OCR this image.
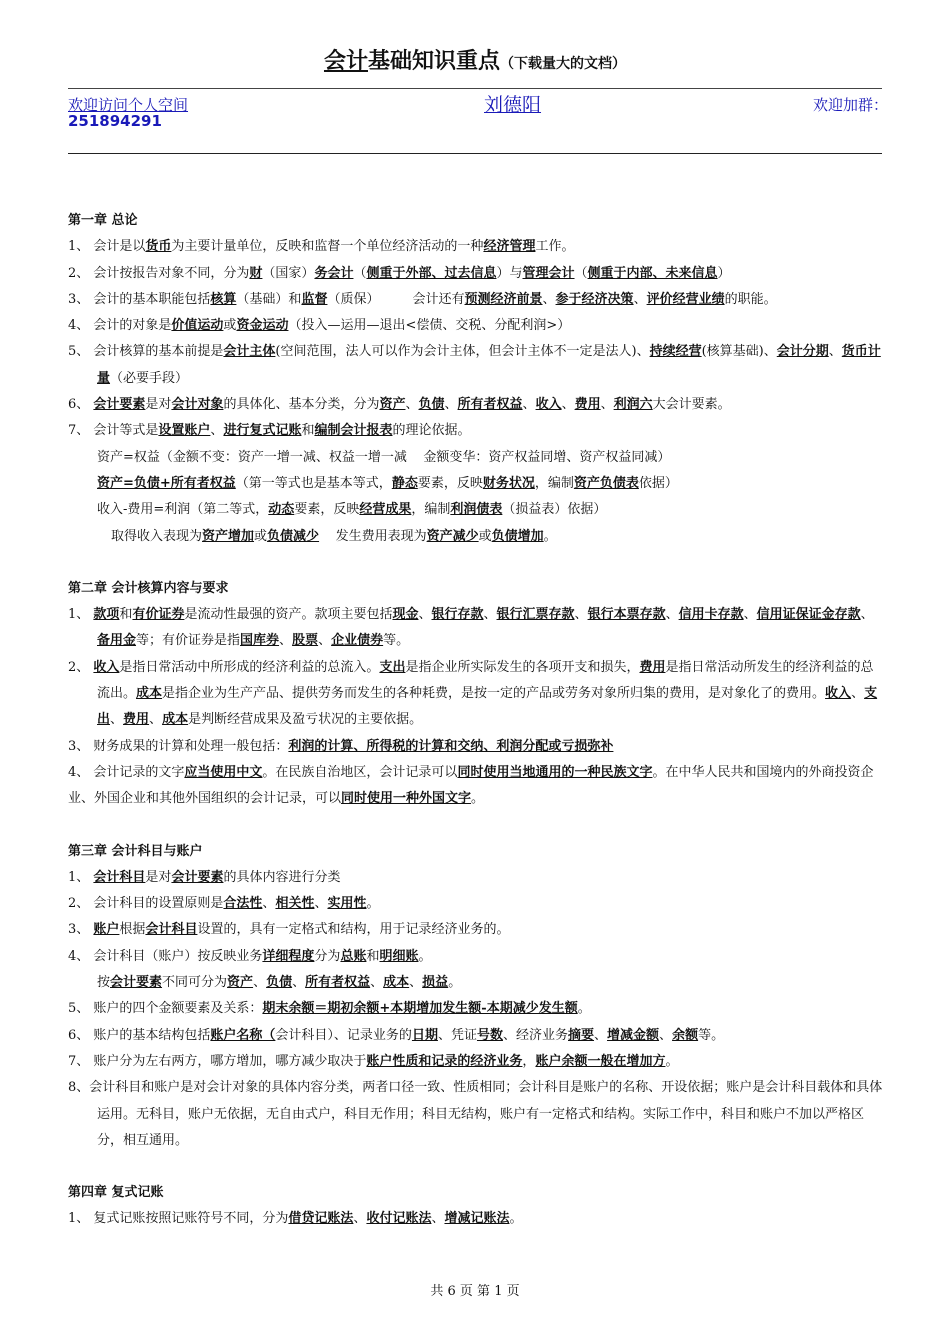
会计基础知识重点（下载量大的文档）
欢迎访问个人空间	刘德阳	欢迎加群：
251894291
第一章 总论
1、 会计是以货币为主要计量单位，反映和监督一个单位经济活动的一种经济管理工作。
2、 会计按报告对象不同，分为财（国家）务会计（侧重于外部、过去信息）与管理会计（侧重于内部、未来信息）
3、 会计的基本职能包括核算（基础）和监督（质保）        会计还有预测经济前景、参于经济决策、评价经营业绩的职能。
4、 会计的对象是价值运动或资金运动（投入—运用—退出<偿债、交税、分配利润>）
5、 会计核算的基本前提是会计主体(空间范围，法人可以作为会计主体，但会计主体不一定是法人)、持续经营(核算基础)、会计分期、货币计量（必要手段）
6、 会计要素是对会计对象的具体化、基本分类，分为资产、负债、所有者权益、收入、费用、利润六大会计要素。
7、 会计等式是设置账户、进行复式记账和编制会计报表的理论依据。
资产=权益（金额不变：资产一增一减、权益一增一减    金额变华：资产权益同增、资产权益同减）
资产=负债+所有者权益（第一等式也是基本等式，静态要素，反映财务状况，编制资产负债表依据）
收入-费用=利润（第二等式，动态要素，反映经营成果，编制利润债表（损益表）依据）
取得收入表现为资产增加或负债减少    发生费用表现为资产减少或负债增加。
第二章 会计核算内容与要求
1、 款项和有价证券是流动性最强的资产。款项主要包括现金、银行存款、银行汇票存款、银行本票存款、信用卡存款、信用证保证金存款、备用金等；有价证券是指国库券、股票、企业债券等。
2、 收入是指日常活动中所形成的经济利益的总流入。支出是指企业所实际发生的各项开支和损失，费用是指日常活动所发生的经济利益的总流出。成本是指企业为生产产品、提供劳务而发生的各种耗费，是按一定的产品或劳务对象所归集的费用，是对象化了的费用。收入、支出、费用、成本是判断经营成果及盈亏状况的主要依据。
3、 财务成果的计算和处理一般包括：利润的计算、所得税的计算和交纳、利润分配或亏损弥补
4、 会计记录的文字应当使用中文。在民族自治地区，会计记录可以同时使用当地通用的一种民族文字。在中华人民共和国境内的外商投资企业、外国企业和其他外国组织的会计记录，可以同时使用一种外国文字。
第三章 会计科目与账户
1、 会计科目是对会计要素的具体内容进行分类
2、 会计科目的设置原则是合法性、相关性、实用性。
3、 账户根据会计科目设置的，具有一定格式和结构，用于记录经济业务的。
4、 会计科目（账户）按反映业务详细程度分为总账和明细账。
按会计要素不同可分为资产、负债、所有者权益、成本、损益。
5、 账户的四个金额要素及关系：期末余额＝期初余额+本期增加发生额-本期减少发生额。
6、 账户的基本结构包括账户名称（会计科目）、记录业务的日期、凭证号数、经济业务摘要、增减金额、余额等。
7、 账户分为左右两方，哪方增加，哪方减少取决于账户性质和记录的经济业务，账户余额一般在增加方。
8、会计科目和账户是对会计对象的具体内容分类，两者口径一致、性质相同；会计科目是账户的名称、开设依据；账户是会计科目载体和具体运用。无科目，账户无依据，无自由式户，科目无作用；科目无结构，账户有一定格式和结构。实际工作中，科目和账户不加以严格区分，相互通用。
第四章 复式记账
1、 复式记账按照记账符号不同，分为借贷记账法、收付记账法、增减记账法。
共 6 页 第 1 页
